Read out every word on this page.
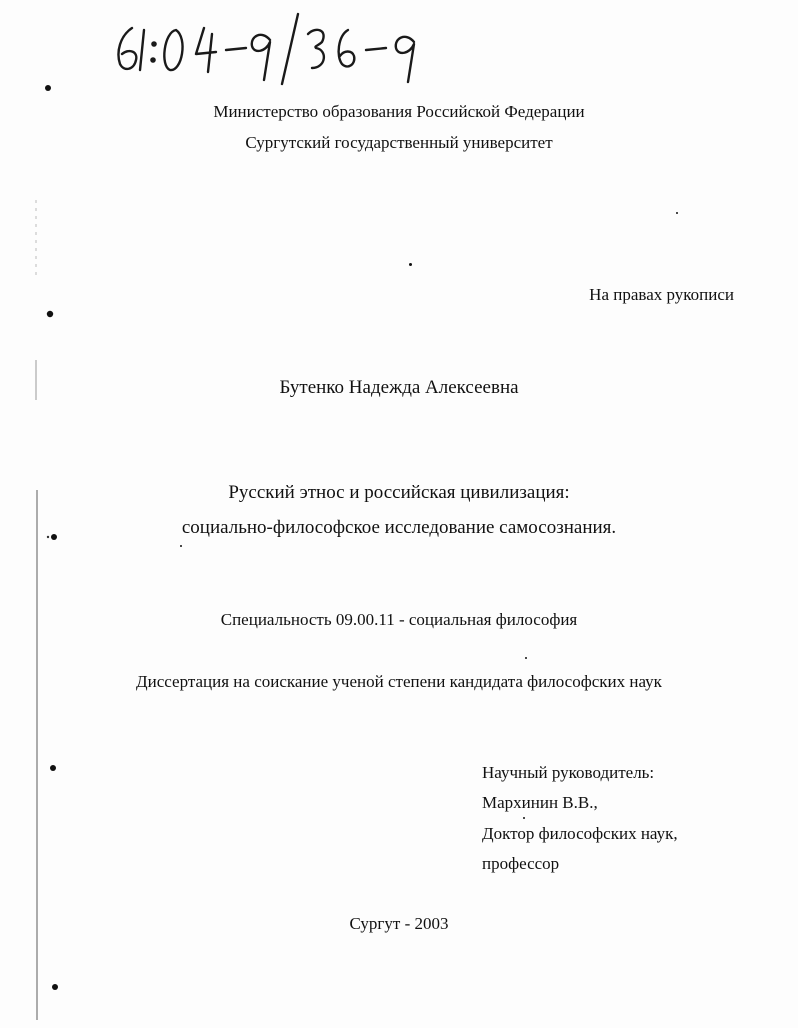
Министерство образования Российской Федерации
Сургутский государственный университет
На правах рукописи
Бутенко Надежда Алексеевна
Русский этнос и российская цивилизация:
социально-философское исследование самосознания.
Специальность 09.00.11 - социальная философия
Диссертация на соискание ученой степени кандидата философских наук
Научный руководитель:
Мархинин В.В.,
Доктор философских наук,
профессор
Сургут - 2003
